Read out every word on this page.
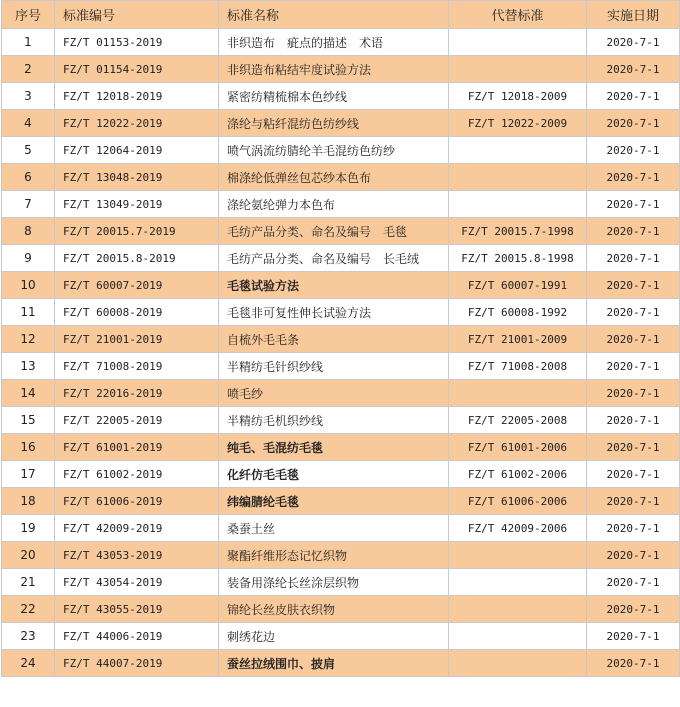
序号	标准编号	标准名称	代替标准	实施日期
1	FZ/T 01153-2019	非织造布　疵点的描述　术语		2020-7-1
2	FZ/T 01154-2019	非织造布粘结牢度试验方法		2020-7-1
3	FZ/T 12018-2019	紧密纺精梳棉本色纱线	FZ/T 12018-2009	2020-7-1
4	FZ/T 12022-2019	涤纶与粘纤混纺色纺纱线	FZ/T 12022-2009	2020-7-1
5	FZ/T 12064-2019	喷气涡流纺腈纶羊毛混纺色纺纱		2020-7-1
6	FZ/T 13048-2019	棉涤纶低弹丝包芯纱本色布		2020-7-1
7	FZ/T 13049-2019	涤纶氨纶弹力本色布		2020-7-1
8	FZ/T 20015.7-2019	毛纺产品分类、命名及编号　毛毯	FZ/T 20015.7-1998	2020-7-1
9	FZ/T 20015.8-2019	毛纺产品分类、命名及编号　长毛绒	FZ/T 20015.8-1998	2020-7-1
10	FZ/T 60007-2019	毛毯试验方法	FZ/T 60007-1991	2020-7-1
11	FZ/T 60008-2019	毛毯非可复性伸长试验方法	FZ/T 60008-1992	2020-7-1
12	FZ/T 21001-2019	自梳外毛毛条	FZ/T 21001-2009	2020-7-1
13	FZ/T 71008-2019	半精纺毛针织纱线	FZ/T 71008-2008	2020-7-1
14	FZ/T 22016-2019	喷毛纱		2020-7-1
15	FZ/T 22005-2019	半精纺毛机织纱线	FZ/T 22005-2008	2020-7-1
16	FZ/T 61001-2019	纯毛、毛混纺毛毯	FZ/T 61001-2006	2020-7-1
17	FZ/T 61002-2019	化纤仿毛毛毯	FZ/T 61002-2006	2020-7-1
18	FZ/T 61006-2019	纬编腈纶毛毯	FZ/T 61006-2006	2020-7-1
19	FZ/T 42009-2019	桑蚕土丝	FZ/T 42009-2006	2020-7-1
20	FZ/T 43053-2019	聚酯纤维形态记忆织物		2020-7-1
21	FZ/T 43054-2019	装备用涤纶长丝涂层织物		2020-7-1
22	FZ/T 43055-2019	锦纶长丝皮肤衣织物		2020-7-1
23	FZ/T 44006-2019	刺绣花边		2020-7-1
24	FZ/T 44007-2019	蚕丝拉绒围巾、披肩		2020-7-1
